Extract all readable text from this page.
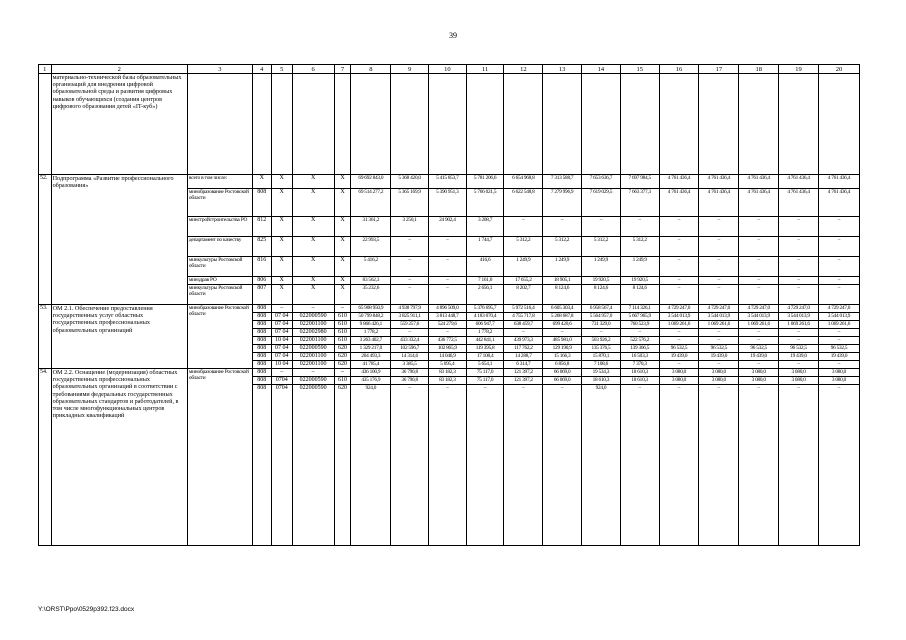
39
1	2	3	4	5	6	7	8	9	10	11	12	13	14	15	16	17	18	19	20
	материально-технической базы образовательных организаций для внедрения цифровой образовательной среды и развития цифровых навыков обучающихся (создания центров цифрового образования детей «IT-куб»)																		
52.	Подпрограмма «Развитие профессионального образования»	всего в том числе:	X	X	X	X	69 692 843,0	5 368 420,0	5 415 853,7	5 781 206,6	6 654 968,8	7 313 588,7	7 653 636,7	7 697 984,5	4 761 436,4	4 761 436,4	4 761 436,4	4 761 436,4	4 761 436,4
		минобразование Ростовской области	808	X	X	X	69 514 277,2	5 365 169,9	5 390 951,3	5 766 021,5	6 622 548,8	7 279 996,9	7 619 029,5	7 663 377,3	4 761 436,4	4 761 436,4	4 761 436,4	4 761 436,4	4 761 436,4
		минстройстроительства РО	812	X	X	X	31 361,2	3 250,1	24 902,4	3 208,7	–	–	–	–	–	–	–	–	–
		департамент по качеству	825	X	X	X	22 993,5	–	–	1 744,7	5 312,2	5 312,2	5 312,2	5 312,2	–	–	–	–	–
		минкультуры Ростовской области	816	X	X	X	5 416,2	–	–	416,6	1 249,9	1 249,9	1 249,9	1 249,9	–	–	–	–	–
		минздрав РО	806	X	X	X	83 562,3	–	–	7 161,0	17 655,2	18 905,1	19 920,5	19 920,5	–	–	–	–	–
		минкультуры Ростовской области	807	X	X	X	35 232,6	–	–	2 656,1	8 202,7	8 124,6	8 124,6	8 124,6	–	–	–	–	–
53.	ОМ 2.1. Обеспечение предоставления государственных услуг областных государственных профессиональных образовательных организаций	минобразование Ростовской области	808	–	–	–	65 908 950,9	4 938 797,9	4 896 509,0	5 376 695,7	5 972 516,4	6 605 303,4	6 958 567,4	7 114 326,1	4 729 247,0	4 729 247,0	4 729 247,0	4 729 247,0	4 729 247,0
			808	07 04	022000590	610	50 799 848,2	3 825 911,1	3 813 448,7	4 183 070,4	4 755 717,8	5 268 687,8	5 564 957,0	5 667 965,9	3 544 013,9	3 544 013,9	3 544 013,9	3 544 013,9	3 544 013,9
			808	07 04	022001100	610	9 866 426,1	559 257,6	524 279,6	606 947,7	638 459,7	699 420,6	731 329,0	760 523,9	1 069 261,6	1 069 261,6	1 069 261,6	1 069 261,6	1 069 261,6
			808	07 04	022002980	610	1 778,2	–	–	1 778,2	–	–	–	–	–	–	–	–	–
			808	10 04	022001100	610	3 263 402,7	433 332,4	436 772,5	442 841,1	439 973,3	485 981,0	503 926,2	522 576,2	–	–	–	–	–
			808	07 04	022000590	620	1 329 217,0	102 596,7	102 865,9	119 395,8	117 762,2	129 190,9	135 376,5	139 366,5	96 532,5	96 532,5	96 532,5	96 532,5	96 532,5
			808	07 04	022001100	620	204 493,3	14 314,6	14 046,9	17 108,4	14 288,7	15 166,3	15 870,1	16 503,3	19 439,0	19 439,0	19 439,0	19 439,0	19 439,0
			808	10 04	022001100	620	41 785,4	3 385,5	5 095,4	5 654,1	6 314,7	6 856,8	7 108,6	7 370,3	–	–	–	–	–
54.	ОМ 2.2. Оснащение (модернизация) областных государственных профессиональных образовательных организаций в соответствии с требованиями федеральных государственных образовательных стандартов и работодателей, в том числе многофункциональных центров прикладных квалификаций	минобразование Ростовской области	808	–	–	–	436 100,9	36 790,8	83 182,3	75 117,0	121 397,2	66 069,0	19 534,3	18 610,3	3 080,0	3 080,0	3 080,0	3 080,0	3 080,0
			808	0704	022000590	610	435 176,9	36 790,8	83 182,3	75 117,0	121 397,2	66 069,0	18 610,3	18 610,3	3 080,0	3 080,0	3 080,0	3 080,0	3 080,0
			808	0704	022000590	620	924,0	–	–	–	–	–	924,0	–	–	–	–	–	–
Y:\ORST\Ppo\0529p392.f23.docx
